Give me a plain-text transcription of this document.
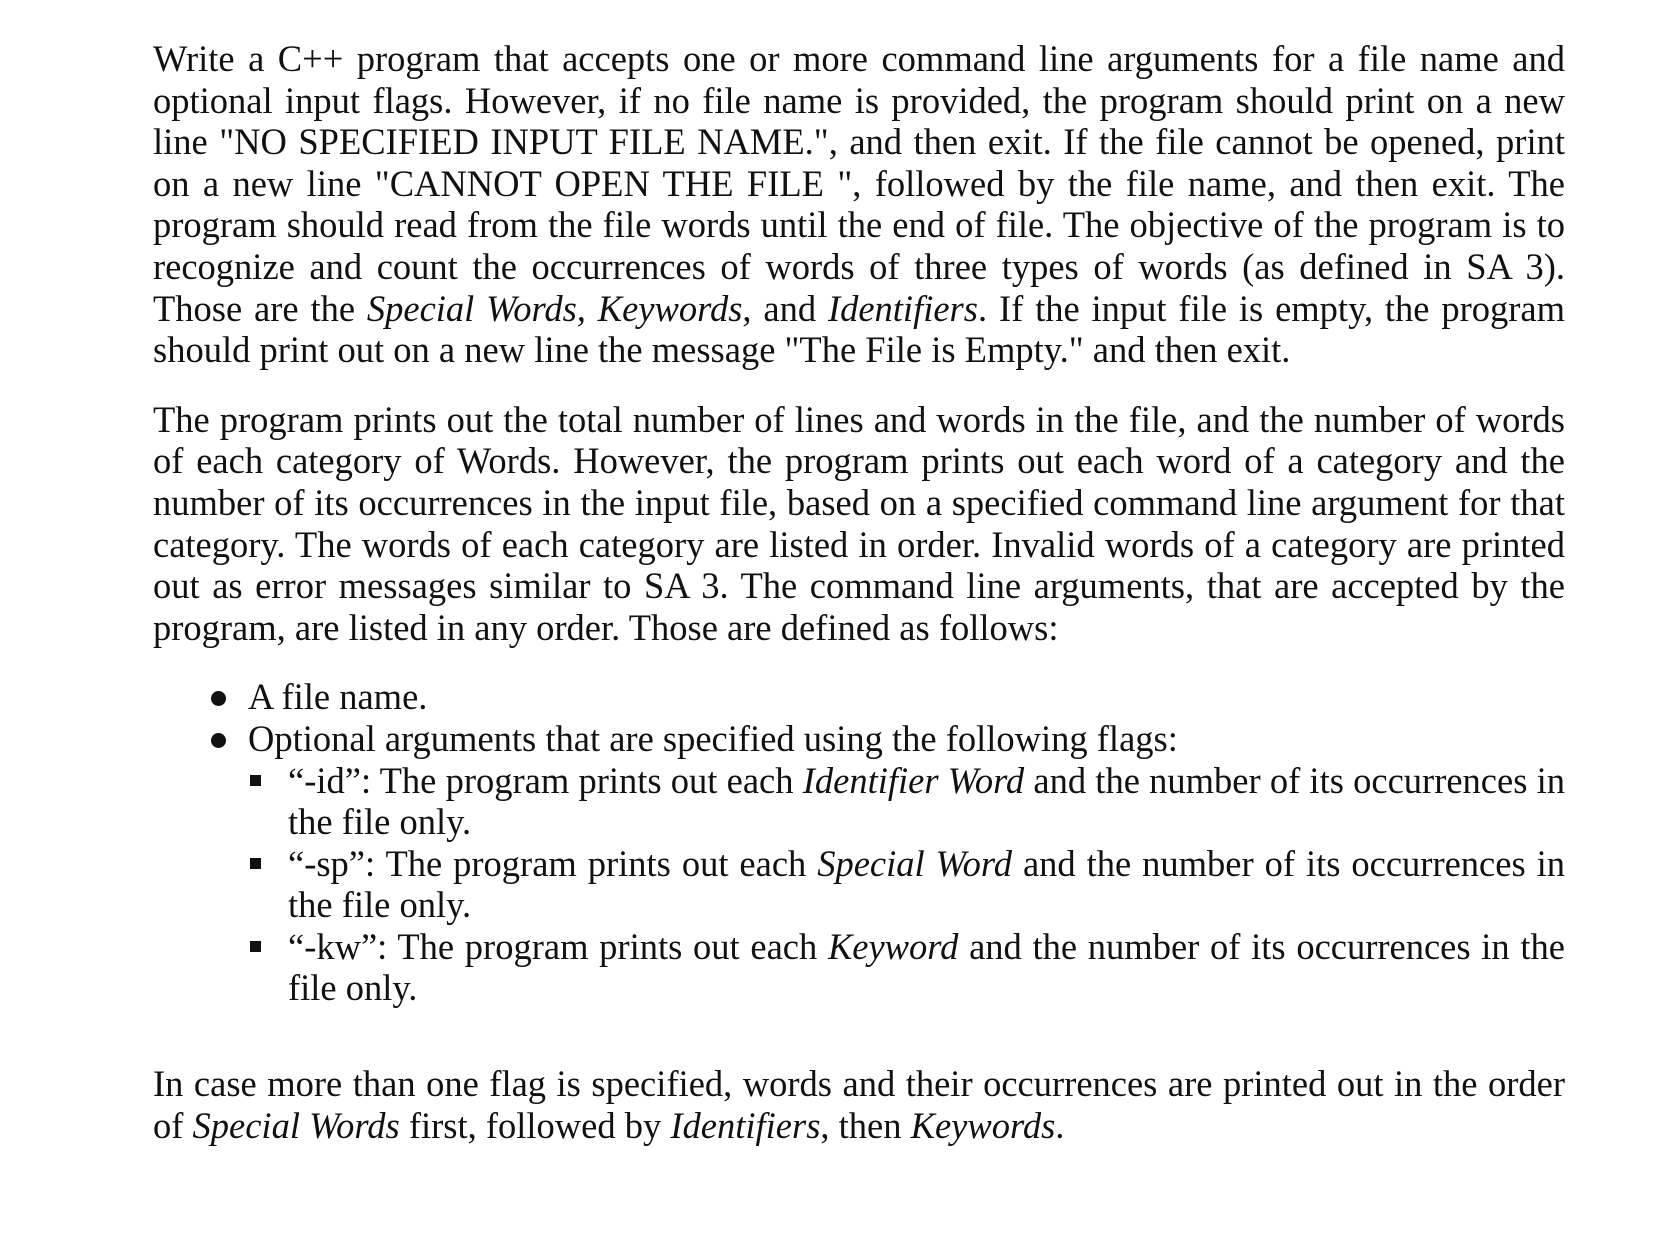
Write a C++ program that accepts one or more command line arguments for a file name and optional input flags. However, if no file name is provided, the program should print on a new line "NO SPECIFIED INPUT FILE NAME.", and then exit. If the file cannot be opened, print on a new line "CANNOT OPEN THE FILE ", followed by the file name, and then exit. The program should read from the file words until the end of file. The objective of the program is to recognize and count the occurrences of words of three types of words (as defined in SA 3). Those are the Special Words, Keywords, and Identifiers. If the input file is empty, the program should print out on a new line the message "The File is Empty." and then exit.

The program prints out the total number of lines and words in the file, and the number of words of each category of Words. However, the program prints out each word of a category and the number of its occurrences in the input file, based on a specified command line argument for that category. The words of each category are listed in order. Invalid words of a category are printed out as error messages similar to SA 3. The command line arguments, that are accepted by the program, are listed in any order. Those are defined as follows:

A file name.
Optional arguments that are specified using the following flags:
“-id”: The program prints out each Identifier Word and the number of its occurrences in the file only.
“-sp”: The program prints out each Special Word and the number of its occurrences in the file only.
“-kw”: The program prints out each Keyword and the number of its occurrences in the file only.

In case more than one flag is specified, words and their occurrences are printed out in the order of Special Words first, followed by Identifiers, then Keywords.
